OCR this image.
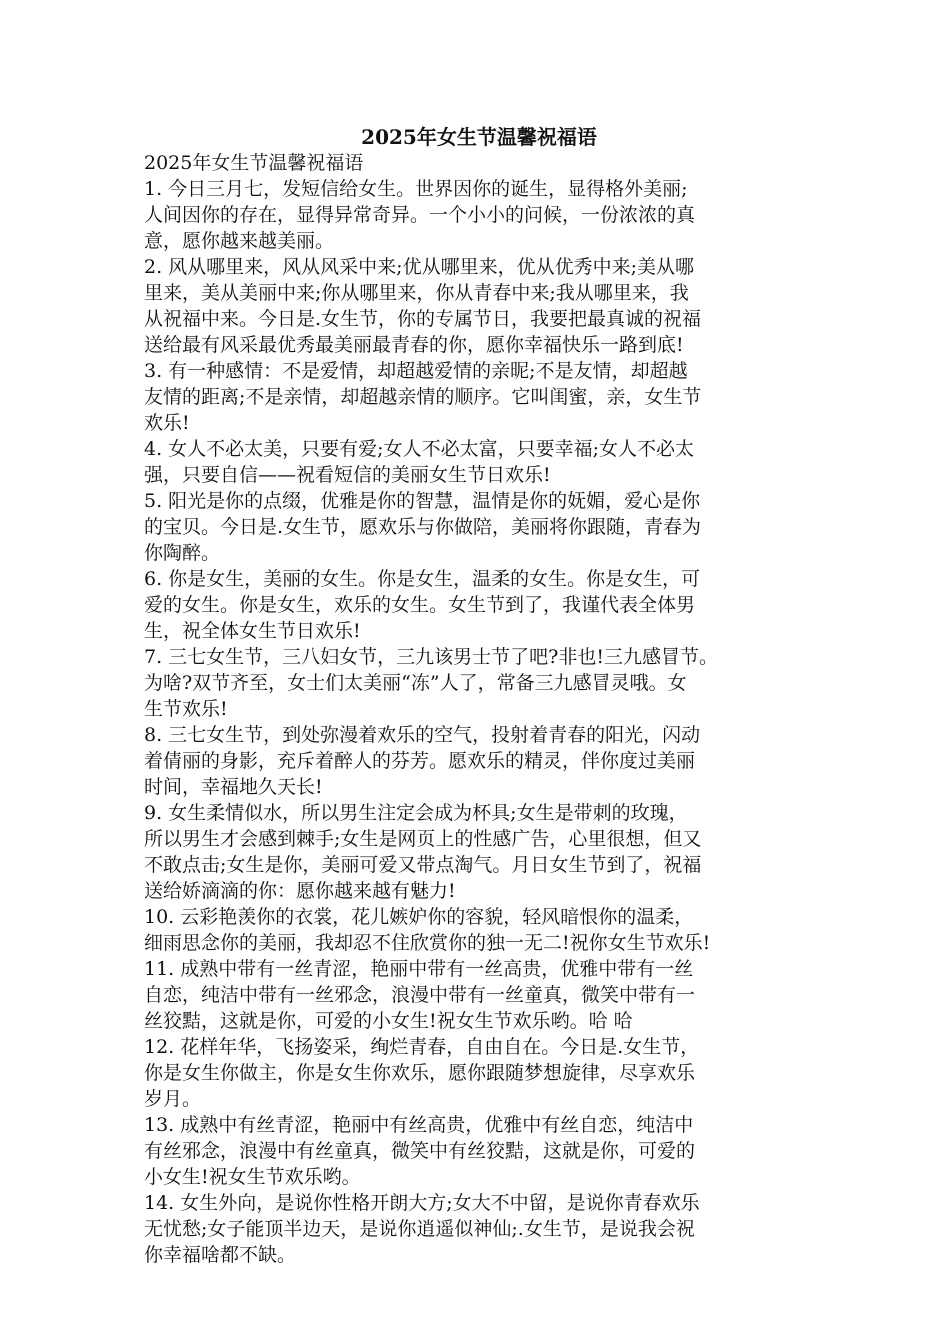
2025年女生节温馨祝福语

2025年女生节温馨祝福语

1. 今日三月七，发短信给女生。世界因你的诞生，显得格外美丽;
人间因你的存在，显得异常奇异。一个小小的问候，一份浓浓的真
意，愿你越来越美丽。
2. 风从哪里来，风从风采中来;优从哪里来，优从优秀中来;美从哪
里来，美从美丽中来;你从哪里来，你从青春中来;我从哪里来，我
从祝福中来。今日是.女生节，你的专属节日，我要把最真诚的祝福
送给最有风采最优秀最美丽最青春的你，愿你幸福快乐一路到底!
3. 有一种感情：不是爱情，却超越爱情的亲昵;不是友情，却超越
友情的距离;不是亲情，却超越亲情的顺序。它叫闺蜜，亲，女生节
欢乐!
4. 女人不必太美，只要有爱;女人不必太富，只要幸福;女人不必太
强，只要自信——祝看短信的美丽女生节日欢乐!
5. 阳光是你的点缀，优雅是你的智慧，温情是你的妩媚，爱心是你
的宝贝。今日是.女生节，愿欢乐与你做陪，美丽将你跟随，青春为
你陶醉。
6. 你是女生，美丽的女生。你是女生，温柔的女生。你是女生，可
爱的女生。你是女生，欢乐的女生。女生节到了，我谨代表全体男
生，祝全体女生节日欢乐!
7. 三七女生节，三八妇女节，三九该男士节了吧?非也!三九感冒节。
为啥?双节齐至，女士们太美丽“冻”人了，常备三九感冒灵哦。女
生节欢乐!
8. 三七女生节，到处弥漫着欢乐的空气，投射着青春的阳光，闪动
着倩丽的身影，充斥着醉人的芬芳。愿欢乐的精灵，伴你度过美丽
时间，幸福地久天长!
9. 女生柔情似水，所以男生注定会成为杯具;女生是带刺的玫瑰，
所以男生才会感到棘手;女生是网页上的性感广告，心里很想，但又
不敢点击;女生是你，美丽可爱又带点淘气。月日女生节到了，祝福
送给娇滴滴的你：愿你越来越有魅力!
10. 云彩艳羡你的衣裳，花儿嫉妒你的容貌，轻风暗恨你的温柔，
细雨思念你的美丽，我却忍不住欣赏你的独一无二!祝你女生节欢乐!
11. 成熟中带有一丝青涩，艳丽中带有一丝高贵，优雅中带有一丝
自恋，纯洁中带有一丝邪念，浪漫中带有一丝童真，微笑中带有一
丝狡黠，这就是你，可爱的小女生!祝女生节欢乐哟。哈 哈
12. 花样年华，飞扬姿采，绚烂青春，自由自在。今日是.女生节，
你是女生你做主，你是女生你欢乐，愿你跟随梦想旋律，尽享欢乐
岁月。
13. 成熟中有丝青涩，艳丽中有丝高贵，优雅中有丝自恋，纯洁中
有丝邪念，浪漫中有丝童真，微笑中有丝狡黠，这就是你，可爱的
小女生!祝女生节欢乐哟。
14. 女生外向，是说你性格开朗大方;女大不中留，是说你青春欢乐
无忧愁;女子能顶半边天，是说你逍遥似神仙;.女生节，是说我会祝
你幸福啥都不缺。
